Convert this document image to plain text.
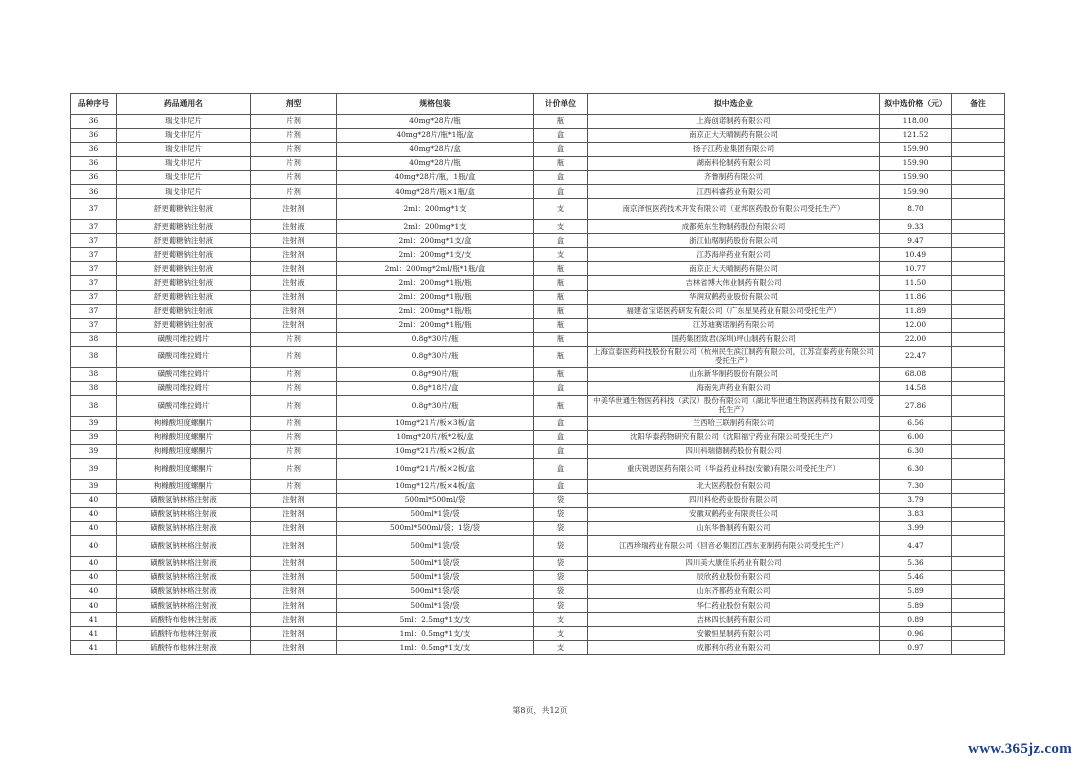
品种序号	药品通用名	剂型	规格包装	计价单位	拟中选企业	拟中选价格（元）	备注
36	瑞戈非尼片	片剂	40mg*28片/瓶	瓶	上海创诺制药有限公司	118.00	
36	瑞戈非尼片	片剂	40mg*28片/瓶*1瓶/盒	盒	南京正大天晴制药有限公司	121.52	
36	瑞戈非尼片	片剂	40mg*28片/盒	盒	扬子江药业集团有限公司	159.90	
36	瑞戈非尼片	片剂	40mg*28片/瓶	瓶	湖南科伦制药有限公司	159.90	
36	瑞戈非尼片	片剂	40mg*28片/瓶，1瓶/盒	盒	齐鲁制药有限公司	159.90	
36	瑞戈非尼片	片剂	40mg*28片/瓶×1瓶/盒	盒	江西科睿药业有限公司	159.90	
37	舒更葡糖钠注射液	注射剂	2ml：200mg*1支	支	南京泽恒医药技术开发有限公司（亚邦医药股份有限公司受托生产）	8.70	
37	舒更葡糖钠注射液	注射液	2ml：200mg*1支	支	成都苑东生物制药股份有限公司	9.33	
37	舒更葡糖钠注射液	注射剂	2ml：200mg*1支/盒	盒	浙江仙琚制药股份有限公司	9.47	
37	舒更葡糖钠注射液	注射剂	2ml：200mg*1支/支	支	江苏海岸药业有限公司	10.49	
37	舒更葡糖钠注射液	注射剂	2ml：200mg*2ml/瓶*1瓶/盒	瓶	南京正大天晴制药有限公司	10.77	
37	舒更葡糖钠注射液	注射液	2ml：200mg*1瓶/瓶	瓶	吉林省博大伟业制药有限公司	11.50	
37	舒更葡糖钠注射液	注射剂	2ml：200mg*1瓶/瓶	瓶	华润双鹤药业股份有限公司	11.86	
37	舒更葡糖钠注射液	注射剂	2ml：200mg*1瓶/瓶	瓶	福建省宝诺医药研发有限公司（广东星昊药业有限公司受托生产）	11.89	
37	舒更葡糖钠注射液	注射剂	2ml：200mg*1瓶/瓶	瓶	江苏迪赛诺制药有限公司	12.00	
38	磺酸司维拉姆片	片剂	0.8g*30片/瓶	瓶	国药集团致君(深圳)坪山制药有限公司	22.00	
38	磺酸司维拉姆片	片剂	0.8g*30片/瓶	瓶	上海宣泰医药科技股份有限公司（杭州民生滨江制药有限公司，江苏宣泰药业有限公司受托生产）	22.47	
38	磺酸司维拉姆片	片剂	0.8g*90片/瓶	瓶	山东新华制药股份有限公司	68.08	
38	磺酸司维拉姆片	片剂	0.8g*18片/盒	盒	海南先声药业有限公司	14.58	
38	磺酸司维拉姆片	片剂	0.8g*30片/瓶	瓶	中美华世通生物医药科技（武汉）股份有限公司（湖北华世通生物医药科技有限公司受托生产）	27.86	
39	枸橼酸坦度螺酮片	片剂	10mg*21片/板×3板/盒	盒	兰西哈三联制药有限公司	6.56	
39	枸橼酸坦度螺酮片	片剂	10mg*20片/板*2板/盒	盒	沈阳华泰药物研究有限公司（沈阳福宁药业有限公司受托生产）	6.00	
39	枸橼酸坦度螺酮片	片剂	10mg*21片/板×2板/盒	盒	四川科瑞德制药股份有限公司	6.30	
39	枸橼酸坦度螺酮片	片剂	10mg*21片/板×2板/盒	盒	重庆锐恩医药有限公司（华益药业科技(安徽)有限公司受托生产）	6.30	
39	枸橼酸坦度螺酮片	片剂	10mg*12片/板×4板/盒	盒	北大医药股份有限公司	7.30	
40	磺酸氢钠林格注射液	注射剂	500ml*500ml/袋	袋	四川科伦药业股份有限公司	3.79	
40	磺酸氢钠林格注射液	注射剂	500ml*1袋/袋	袋	安徽双鹤药业有限责任公司	3.83	
40	磺酸氢钠林格注射液	注射剂	500ml*500ml/袋；1袋/袋	袋	山东华鲁制药有限公司	3.99	
40	磺酸氢钠林格注射液	注射剂	500ml*1袋/袋	袋	江西珍瑞药业有限公司（回音必集团江西东亚制药有限公司受托生产）	4.47	
40	磺酸氢钠林格注射液	注射剂	500ml*1袋/袋	袋	四川美大康佳乐药业有限公司	5.36	
40	磺酸氢钠林格注射液	注射剂	500ml*1袋/袋	袋	辰欣药业股份有限公司	5.46	
40	磺酸氢钠林格注射液	注射剂	500ml*1袋/袋	袋	山东齐都药业有限公司	5.89	
40	磺酸氢钠林格注射液	注射剂	500ml*1袋/袋	袋	华仁药业股份有限公司	5.89	
41	硫酸特布他林注射液	注射剂	5ml：2.5mg*1支/支	支	吉林四长制药有限公司	0.89	
41	硫酸特布他林注射液	注射剂	1ml：0.5mg*1支/支	支	安徽恒星制药有限公司	0.96	
41	硫酸特布他林注射液	注射剂	1ml：0.5mg*1支/支	支	成都利尔药业有限公司	0.97	
第8页，共12页
www.365jz.com
